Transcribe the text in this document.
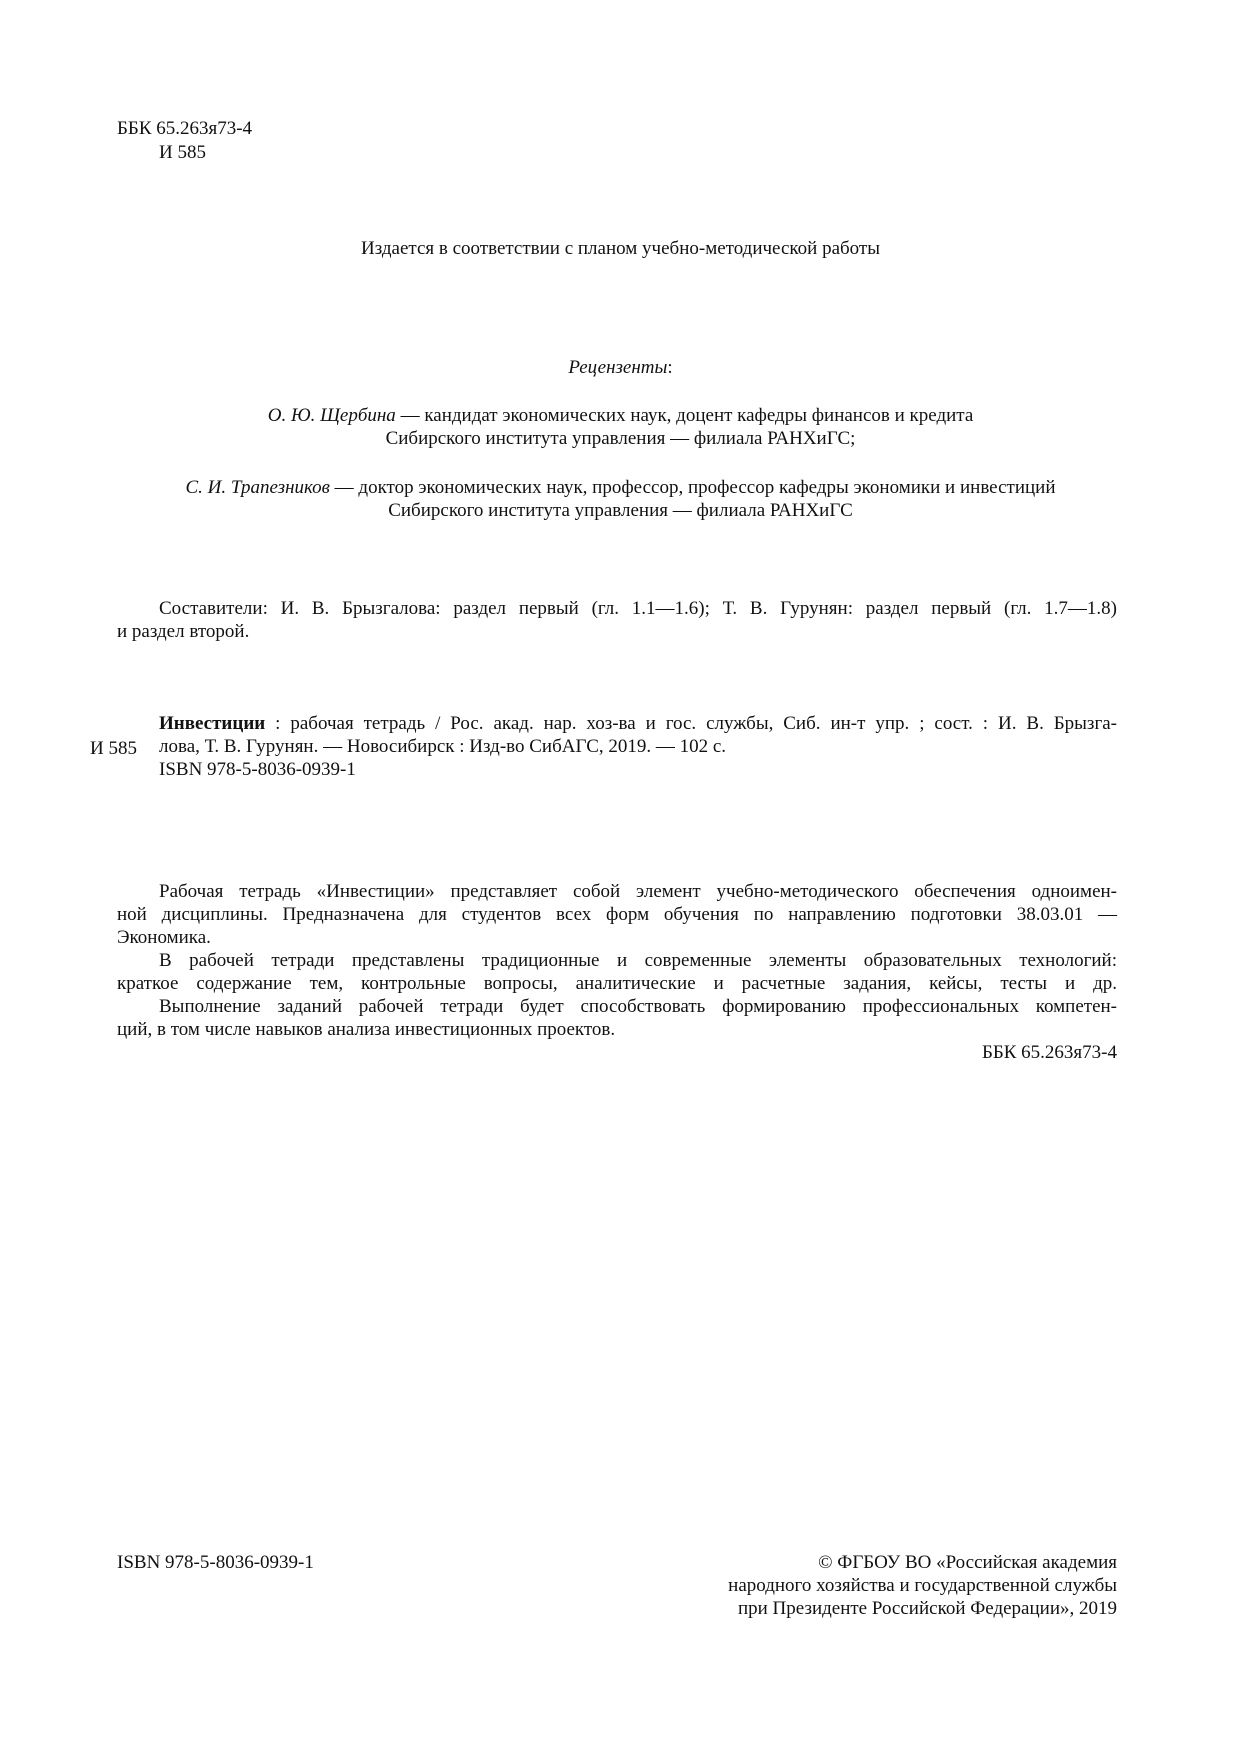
ББК 65.263я73-4
И 585
Издается в соответствии с планом учебно-методической работы
Рецензенты:
О. Ю. Щербина — кандидат экономических наук, доцент кафедры финансов и кредита
Сибирского института управления — филиала РАНХиГС;
С. И. Трапезников — доктор экономических наук, профессор, профессор кафедры экономики и инвестиций
Сибирского института управления — филиала РАНХиГС
Составители: И. В. Брызгалова: раздел первый (гл. 1.1—1.6); Т. В. Гурунян: раздел первый (гл. 1.7—1.8)
и раздел второй.
И 585
Инвестиции : рабочая тетрадь / Рос. акад. нар. хоз-ва и гос. службы, Сиб. ин-т упр. ; сост. : И. В. Брызга-
лова, Т. В. Гурунян. — Новосибирск : Изд-во СибАГС, 2019. — 102 с.
ISBN 978-5-8036-0939-1
Рабочая тетрадь «Инвестиции» представляет собой элемент учебно-методического обеспечения одноимен-
ной дисциплины. Предназначена для студентов всех форм обучения по направлению подготовки 38.03.01 —
Экономика.
В рабочей тетради представлены традиционные и современные элементы образовательных технологий:
краткое содержание тем, контрольные вопросы, аналитические и расчетные задания, кейсы, тесты и др.
Выполнение заданий рабочей тетради будет способствовать формированию профессиональных компетен-
ций, в том числе навыков анализа инвестиционных проектов.
ББК 65.263я73-4
ISBN 978-5-8036-0939-1	© ФГБОУ ВО «Российская академия
народного хозяйства и государственной службы
при Президенте Российской Федерации», 2019
